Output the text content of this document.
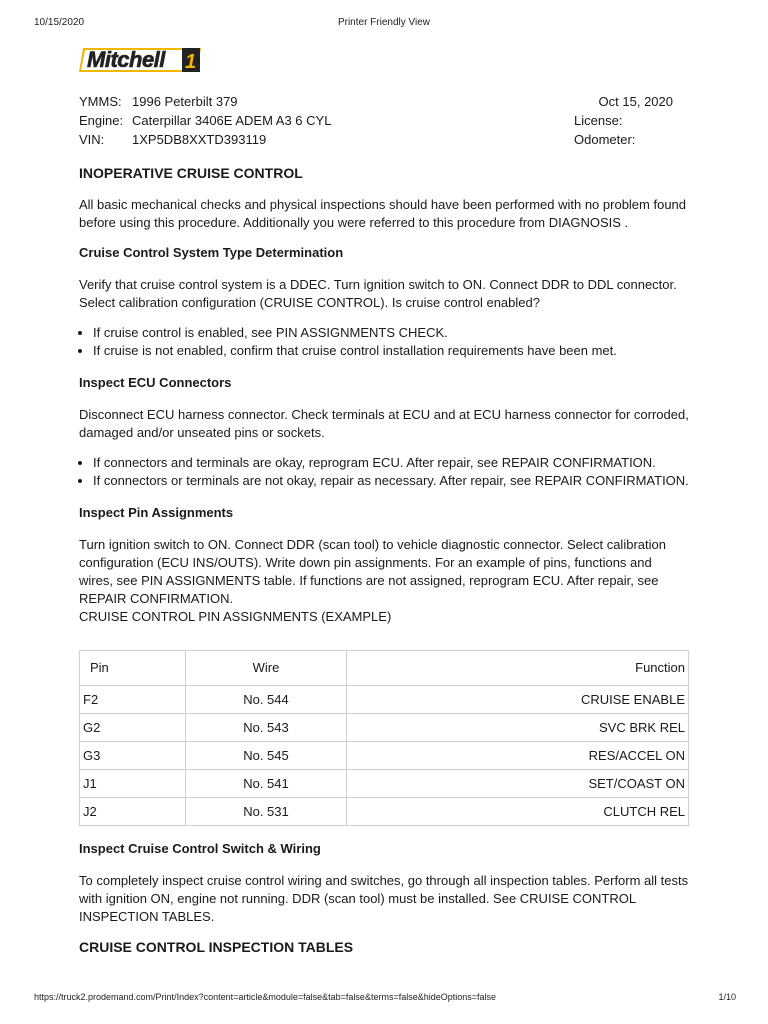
10/15/2020	Printer Friendly View
Mitchell 1
YMMS: 1996 Peterbilt 379	Oct 15, 2020
Engine: Caterpillar 3406E ADEM A3 6 CYL	License:
VIN: 1XP5DB8XXTD393119	Odometer:
INOPERATIVE CRUISE CONTROL

All basic mechanical checks and physical inspections should have been performed with no problem found before using this procedure. Additionally you were referred to this procedure from DIAGNOSIS .

Cruise Control System Type Determination

Verify that cruise control system is a DDEC. Turn ignition switch to ON. Connect DDR to DDL connector. Select calibration configuration (CRUISE CONTROL). Is cruise control enabled?

• If cruise control is enabled, see PIN ASSIGNMENTS CHECK.
• If cruise is not enabled, confirm that cruise control installation requirements have been met.
Inspect ECU Connectors

Disconnect ECU harness connector. Check terminals at ECU and at ECU harness connector for corroded, damaged and/or unseated pins or sockets.

• If connectors and terminals are okay, reprogram ECU. After repair, see REPAIR CONFIRMATION.
• If connectors or terminals are not okay, repair as necessary. After repair, see REPAIR CONFIRMATION.
Inspect Pin Assignments

Turn ignition switch to ON. Connect DDR (scan tool) to vehicle diagnostic connector. Select calibration configuration (ECU INS/OUTS). Write down pin assignments. For an example of pins, functions and wires, see PIN ASSIGNMENTS table. If functions are not assigned, reprogram ECU. After repair, see REPAIR CONFIRMATION.

CRUISE CONTROL PIN ASSIGNMENTS (EXAMPLE)

Pin	Wire	Function
F2	No. 544	CRUISE ENABLE
G2	No. 543	SVC BRK REL
G3	No. 545	RES/ACCEL ON
J1	No. 541	SET/COAST ON
J2	No. 531	CLUTCH REL
Inspect Cruise Control Switch & Wiring

To completely inspect cruise control wiring and switches, go through all inspection tables. Perform all tests with ignition ON, engine not running. DDR (scan tool) must be installed. See CRUISE CONTROL INSPECTION TABLES.

CRUISE CONTROL INSPECTION TABLES
https://truck2.prodemand.com/Print/Index?content=article&module=false&tab=false&terms=false&hideOptions=false	1/10
